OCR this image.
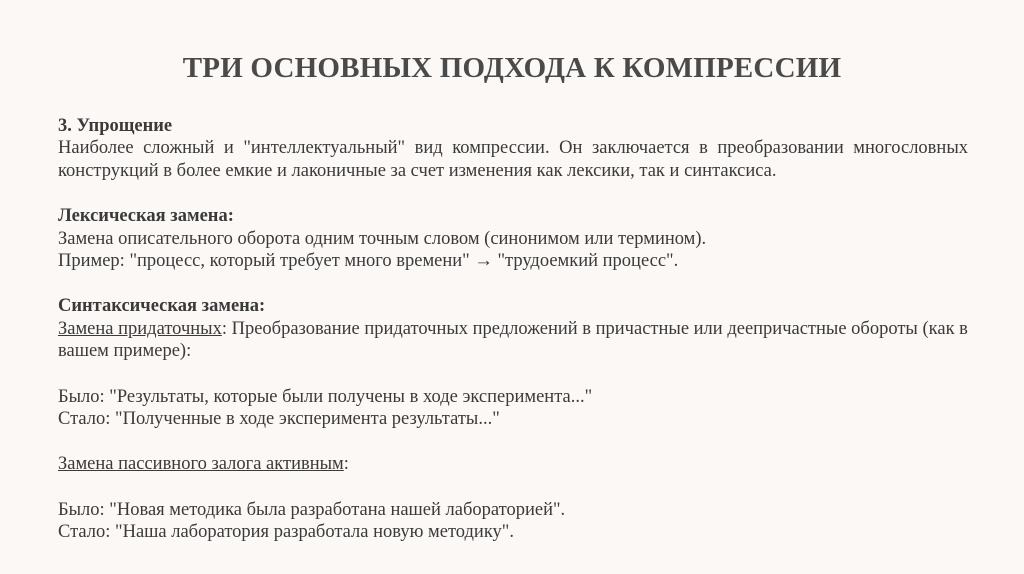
ТРИ ОСНОВНЫХ ПОДХОДА К КОМПРЕССИИ

3. Упрощение

Наиболее сложный и "интеллектуальный" вид компрессии. Он заключается в преобразовании многословных конструкций в более емкие и лаконичные за счет изменения как лексики, так и синтаксиса.

Лексическая замена:

Замена описательного оборота одним точным словом (синонимом или термином).

Пример: "процесс, который требует много времени" → "трудоемкий процесс".

Синтаксическая замена:

Замена придаточных: Преобразование придаточных предложений в причастные или деепричастные обороты (как в вашем примере):

Было: "Результаты, которые были получены в ходе эксперимента..."

Стало: "Полученные в ходе эксперимента результаты..."

Замена пассивного залога активным:

Было: "Новая методика была разработана нашей лабораторией".

Стало: "Наша лаборатория разработала новую методику".
